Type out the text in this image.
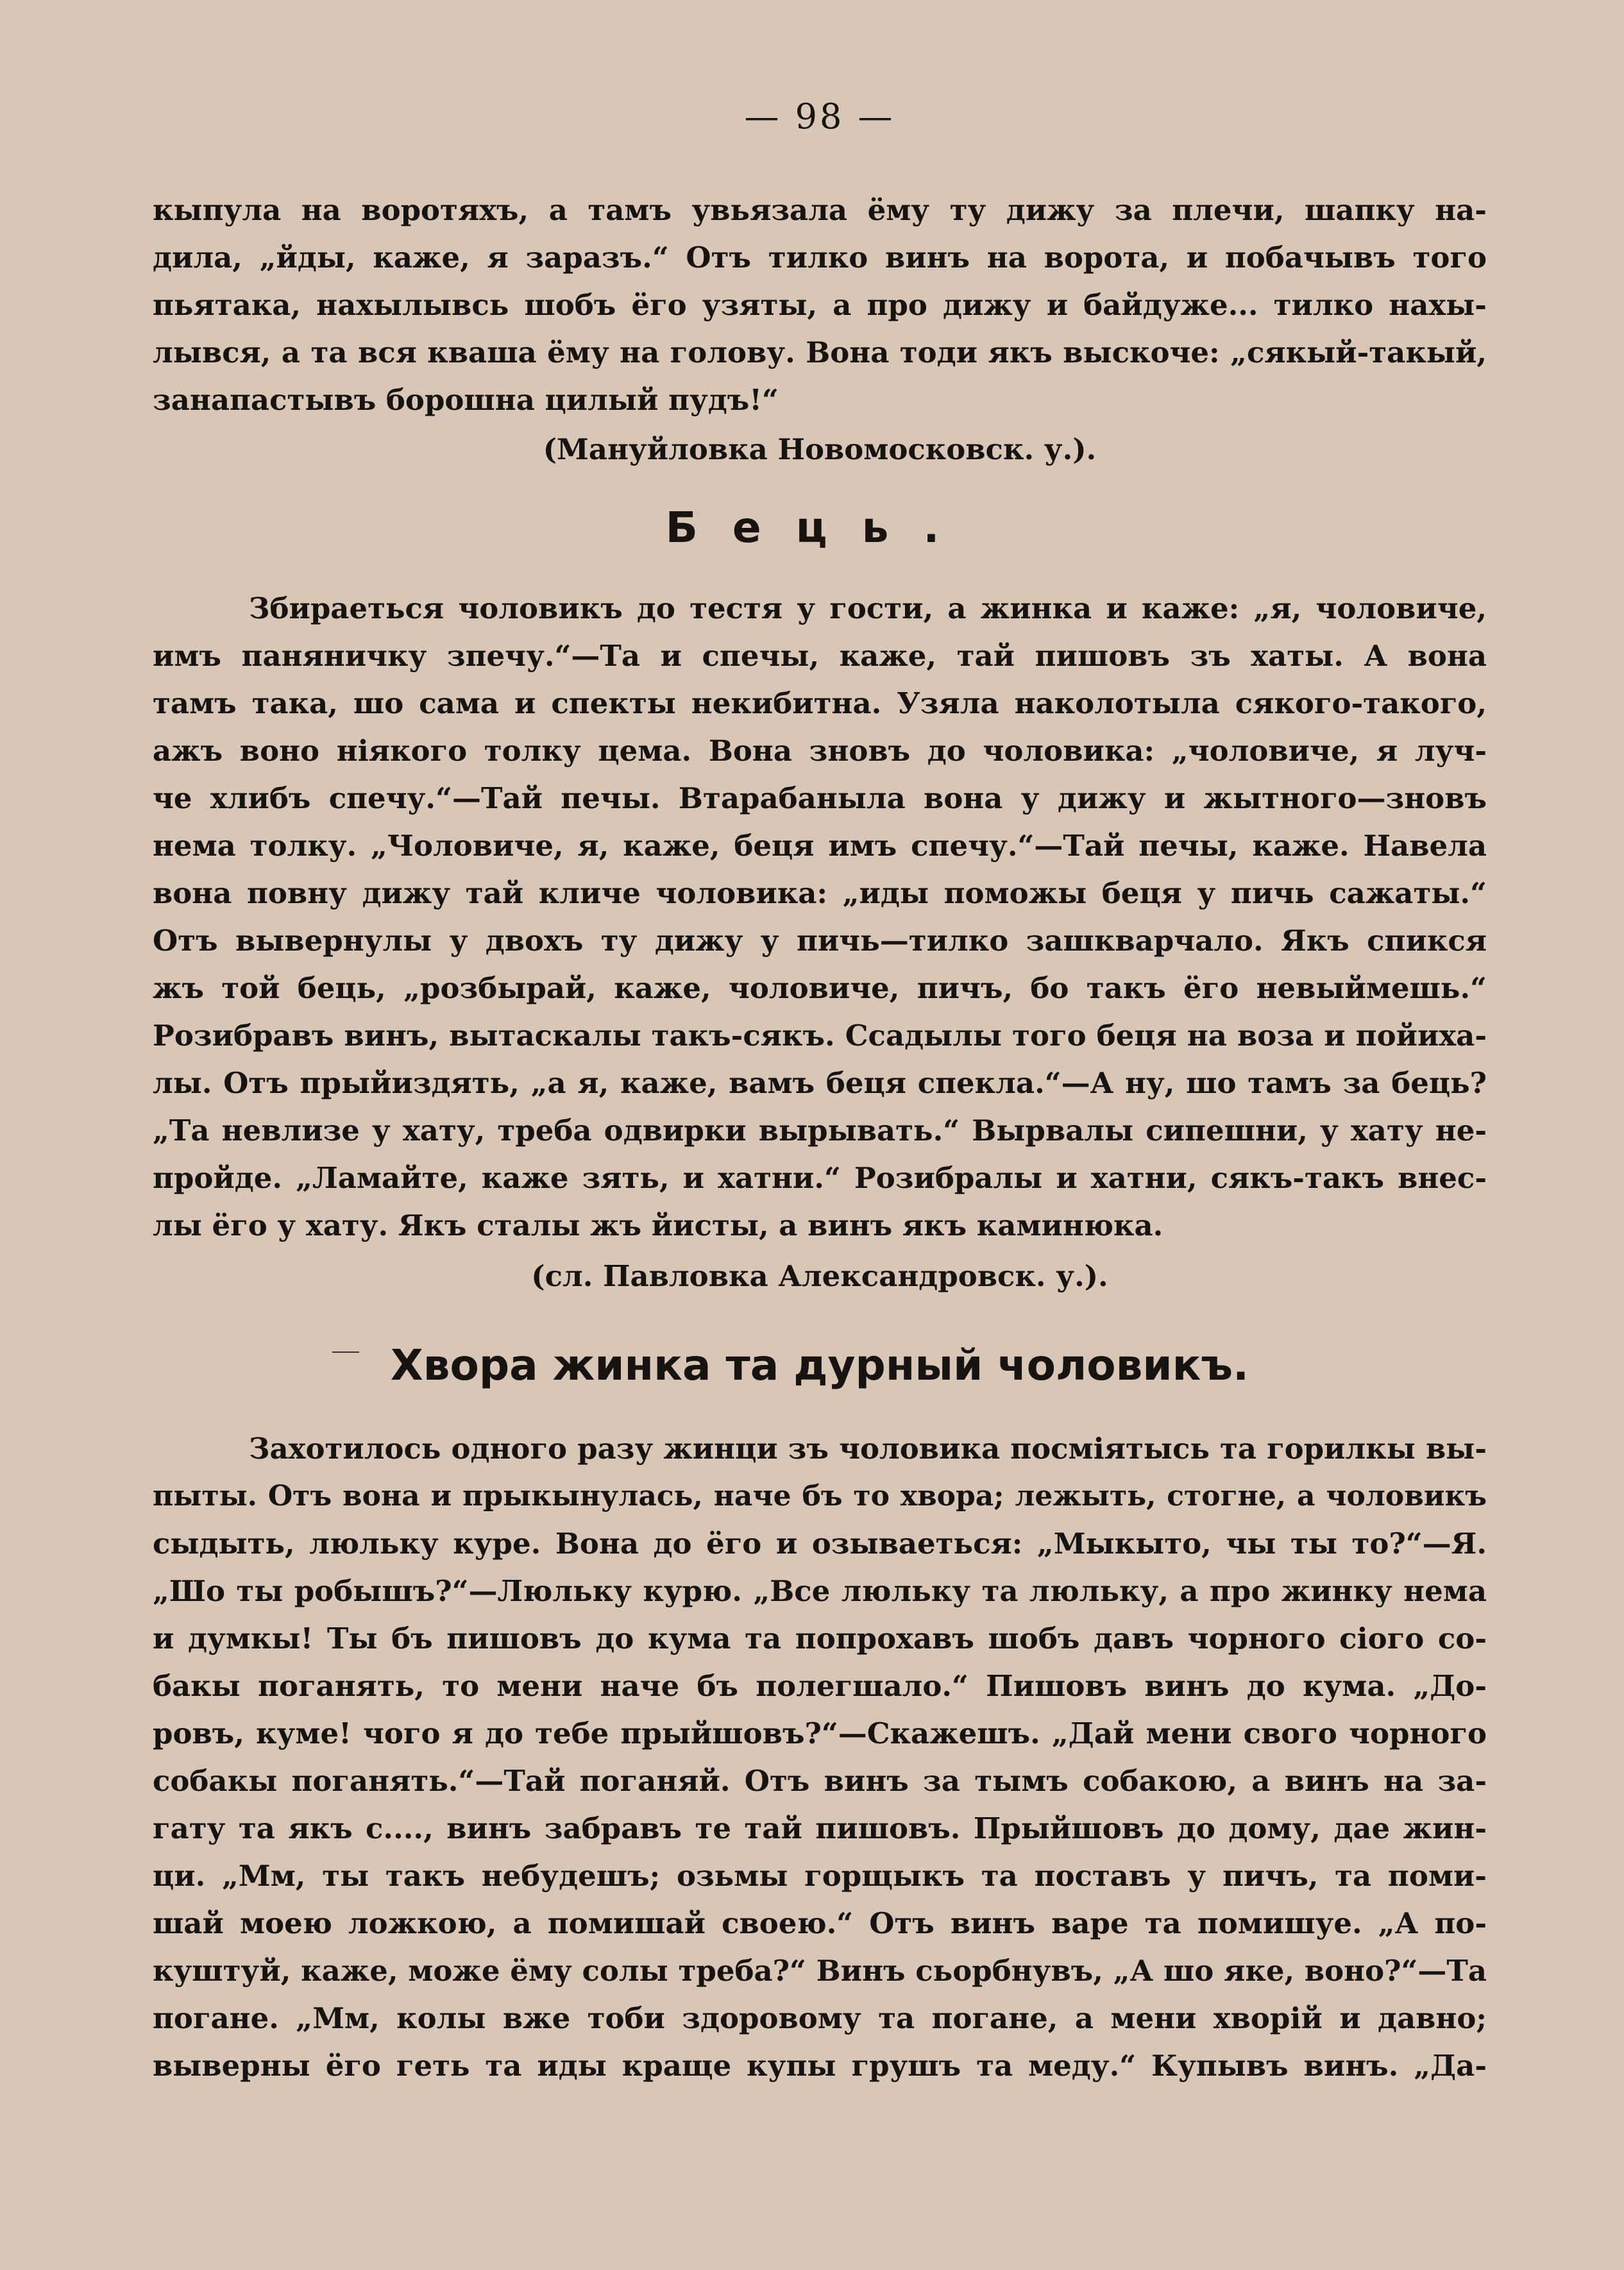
— 98 —
кыпула на воротяхъ, а тамъ увьязала ёму ту дижу за плечи, шапку на-
дила, „йды, каже, я заразъ.“ Отъ тилко винъ на ворота, и побачывъ того
пьятака, нахылывсь шобъ ёго узяты, а про дижу и байдуже... тилко нахы-
лывся, а та вся кваша ёму на голову. Вона тоди якъ выскоче: „сякый-такый,
занапастывъ борошна цилый пудъ!“
(Мануйловка Новомосковск. у.).
Бець.
Збираеться чоловикъ до тестя у гости, а жинка и каже: „я, чоловиче,
имъ паняничку зпечу.“—Та и спечы, каже, тай пишовъ зъ хаты. А вона
тамъ така, шо сама и спекты некибитна. Узяла наколотыла сякого-такого,
ажъ воно нiякого толку цема. Вона зновъ до чоловика: „чоловиче, я луч-
че хлибъ спечу.“—Тай печы. Втарабаныла вона у дижу и жытного—зновъ
нема толку. „Чоловиче, я, каже, беця имъ спечу.“—Тай печы, каже. Навела
вона повну дижу тай кличе чоловика: „иды поможы беця у пичь сажаты.“
Отъ вывернулы у двохъ ту дижу у пичь—тилко зашкварчало. Якъ спикся
жъ той бець, „розбырай, каже, чоловиче, пичъ, бо такъ ёго невыймешь.“
Розибравъ винъ, вытаскалы такъ-сякъ. Ссадылы того беця на воза и пойиха-
лы. Отъ прыйиздять, „а я, каже, вамъ беця спекла.“—А ну, шо тамъ за бець?
„Та невлизе у хату, треба одвирки вырывать.“ Вырвалы сипешни, у хату не-
пройде. „Ламайте, каже зять, и хатни.“ Розибралы и хатни, сякъ-такъ внес-
лы ёго у хату. Якъ сталы жъ йисты, а винъ якъ каминюка.
(сл. Павловка Александровск. у.).
Хвора жинка та дурный чоловикъ.
Захотилось одного разу жинци зъ чоловика посмiятысь та горилкы вы-
пыты. Отъ вона и прыкынулась, наче бъ то хвора; лежыть, стогне, а чоловикъ
сыдыть, люльку куре. Вона до ёго и озываеться: „Мыкыто, чы ты то?“—Я.
„Шо ты робышъ?“—Люльку курю. „Все люльку та люльку, а про жинку нема
и думкы! Ты бъ пишовъ до кума та попрохавъ шобъ давъ чорного сiого со-
бакы поганять, то мени наче бъ полегшало.“ Пишовъ винъ до кума. „До-
ровъ, куме! чого я до тебе прыйшовъ?“—Скажешъ. „Дай мени свого чорного
собакы поганять.“—Тай поганяй. Отъ винъ за тымъ собакою, а винъ на за-
гату та якъ с...., винъ забравъ те тай пишовъ. Прыйшовъ до дому, дае жин-
ци. „Мм, ты такъ небудешъ; озьмы горщыкъ та поставъ у пичъ, та поми-
шай моею ложкою, а помишай своею.“ Отъ винъ варе та помишуе. „А по-
куштуй, каже, може ёму солы треба?“ Винъ сьорбнувъ, „А шо яке, воно?“—Та
погане. „Мм, колы вже тоби здоровому та погане, а мени хворiй и давно;
выверны ёго геть та иды краще купы грушъ та меду.“ Купывъ винъ. „Да-
